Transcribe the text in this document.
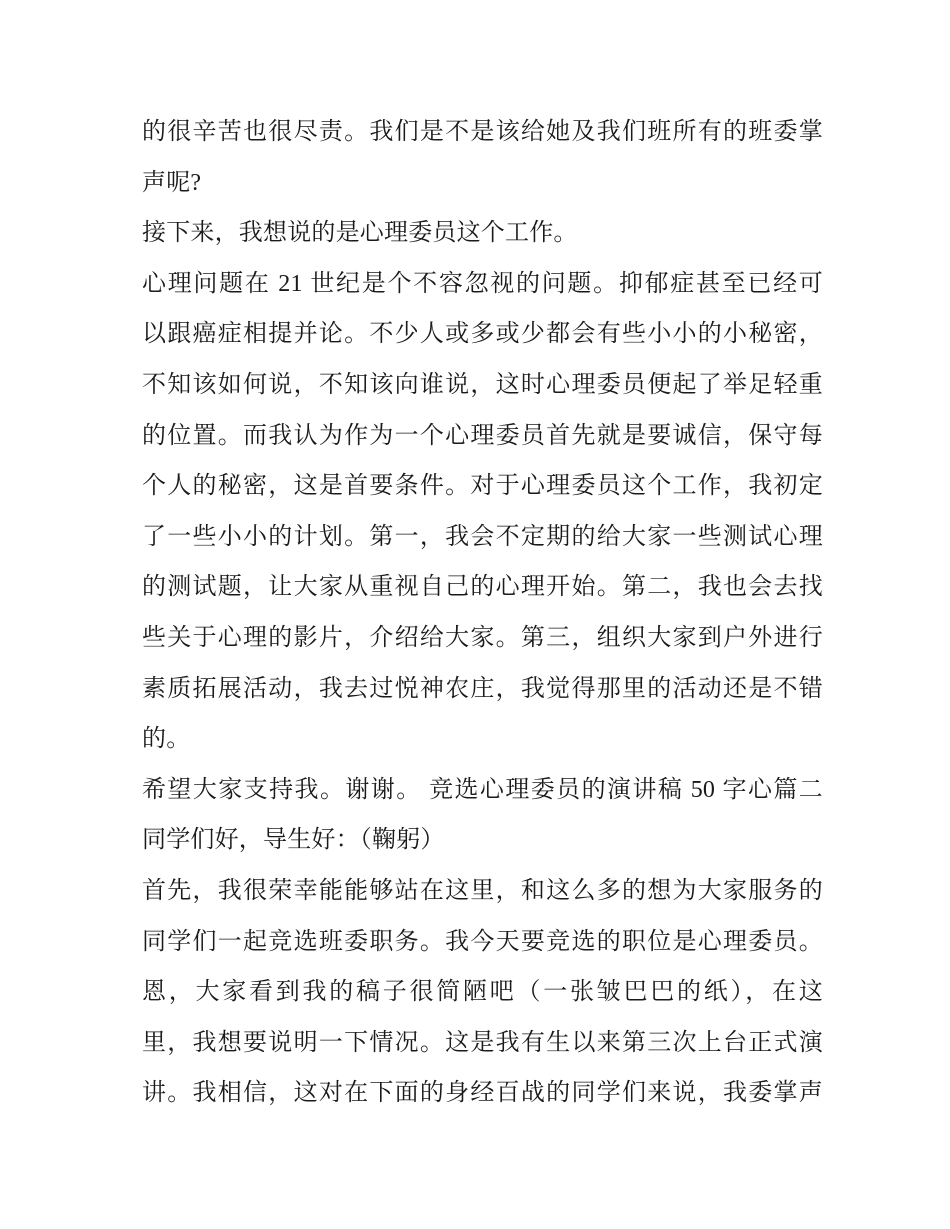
的很辛苦也很尽责。我们是不是该给她及我们班所有的班委掌
声呢?
接下来，我想说的是心理委员这个工作。
心理问题在 21 世纪是个不容忽视的问题。抑郁症甚至已经可
以跟癌症相提并论。不少人或多或少都会有些小小的小秘密，
不知该如何说，不知该向谁说，这时心理委员便起了举足轻重
的位置。而我认为作为一个心理委员首先就是要诚信，保守每
个人的秘密，这是首要条件。对于心理委员这个工作，我初定
了一些小小的计划。第一，我会不定期的给大家一些测试心理
的测试题，让大家从重视自己的心理开始。第二，我也会去找
些关于心理的影片，介绍给大家。第三，组织大家到户外进行
素质拓展活动，我去过悦神农庄，我觉得那里的活动还是不错
的。
希望大家支持我。谢谢。 竞选心理委员的演讲稿 50 字心篇二
同学们好，导生好：（鞠躬）
首先，我很荣幸能能够站在这里，和这么多的想为大家服务的
同学们一起竞选班委职务。我今天要竞选的职位是心理委员。
恩，大家看到我的稿子很简陋吧（一张皱巴巴的纸），在这
里，我想要说明一下情况。这是我有生以来第三次上台正式演
讲。我相信，这对在下面的身经百战的同学们来说，我委掌声
